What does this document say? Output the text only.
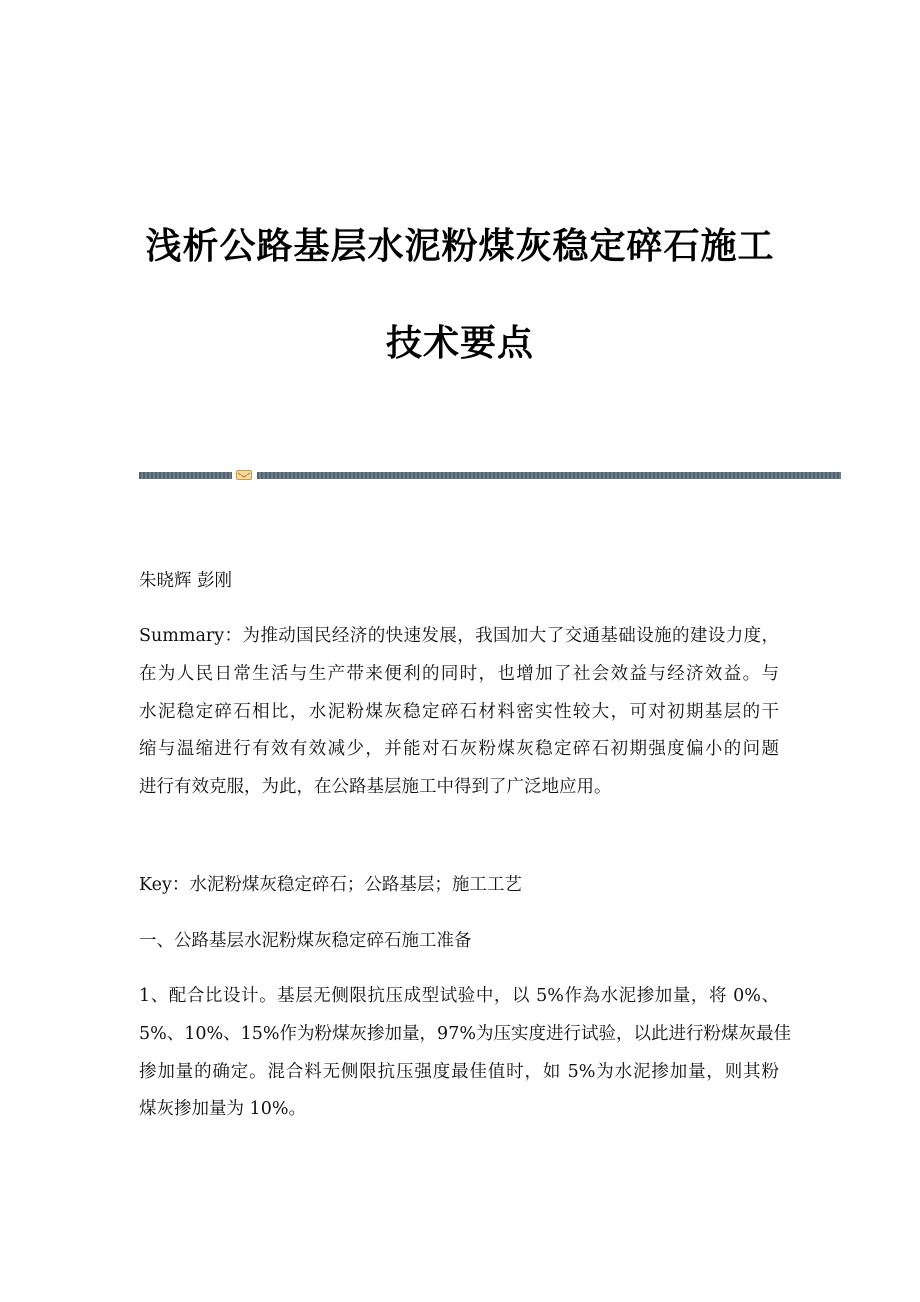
浅析公路基层水泥粉煤灰稳定碎石施工
技术要点

朱晓辉 彭刚

Summary：为推动国民经济的快速发展，我国加大了交通基础设施的建设力度，
在为人民日常生活与生产带来便利的同时，也增加了社会效益与经济效益。与
水泥稳定碎石相比，水泥粉煤灰稳定碎石材料密实性较大，可对初期基层的干
缩与温缩进行有效有效减少，并能对石灰粉煤灰稳定碎石初期强度偏小的问题
进行有效克服，为此，在公路基层施工中得到了广泛地应用。

Key：水泥粉煤灰稳定碎石；公路基层；施工工艺

一、公路基层水泥粉煤灰稳定碎石施工准备

1、配合比设计。基层无侧限抗压成型试验中，以 5%作為水泥掺加量，将 0%、
5%、10%、15%作为粉煤灰掺加量，97%为压实度进行试验，以此进行粉煤灰最佳
掺加量的确定。混合料无侧限抗压强度最佳值时，如 5%为水泥掺加量，则其粉
煤灰掺加量为 10%。
